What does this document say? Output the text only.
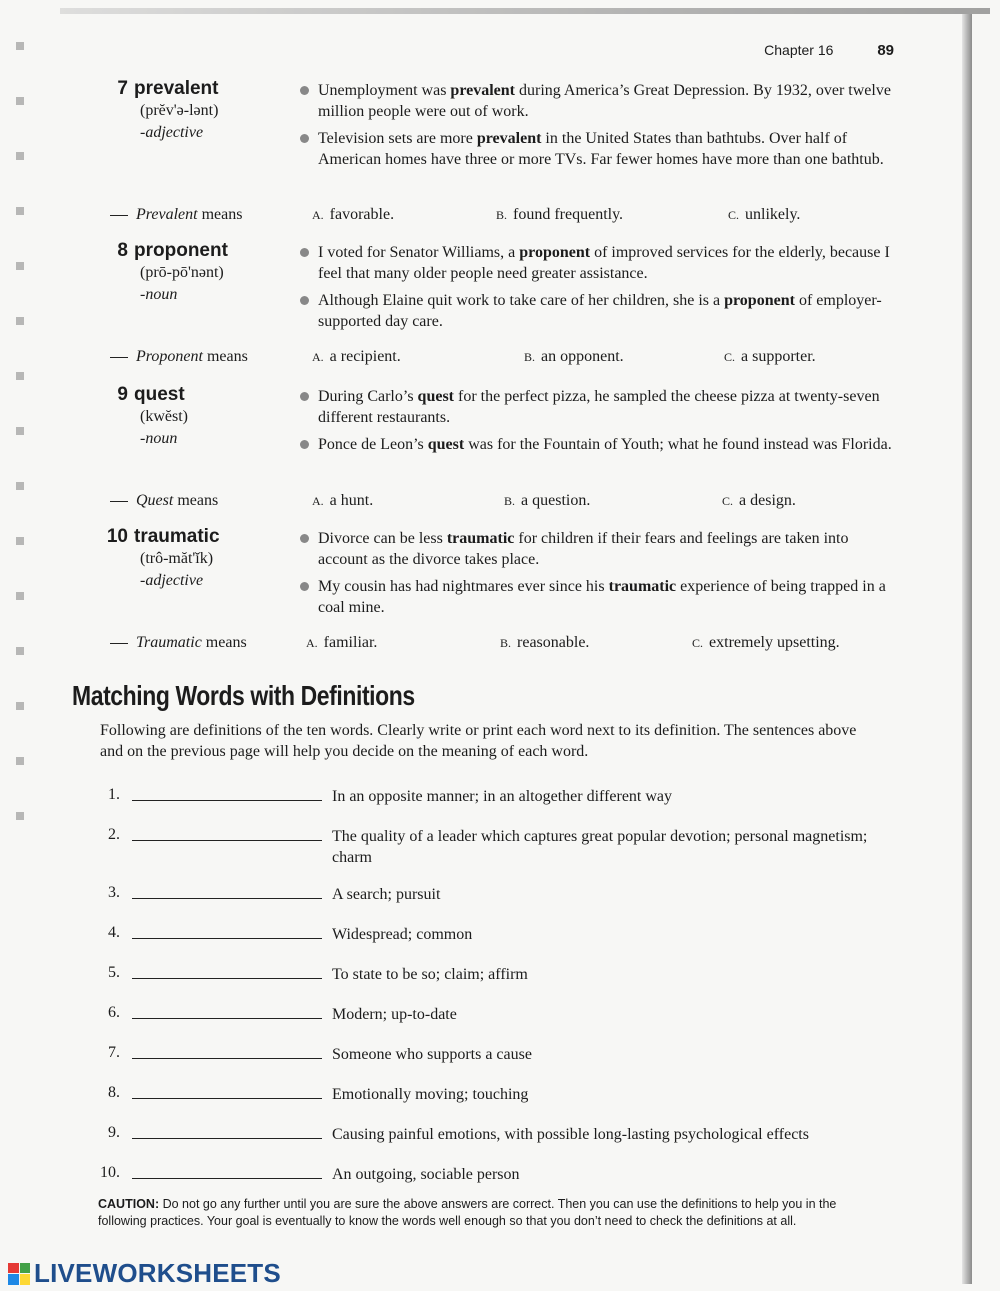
Chapter 16	89
7 prevalent
(prĕv'ə-lənt)
-adjective
Unemployment was prevalent during America’s Great Depression. By 1932, over twelve million people were out of work.
Television sets are more prevalent in the United States than bathtubs. Over half of American homes have three or more TVs. Far fewer homes have more than one bathtub.
Prevalent means	A. favorable.	B. found frequently.	C. unlikely.
8 proponent
(prō-pō'nənt)
-noun
I voted for Senator Williams, a proponent of improved services for the elderly, because I feel that many older people need greater assistance.
Although Elaine quit work to take care of her children, she is a proponent of employer-supported day care.
Proponent means	A. a recipient.	B. an opponent.	C. a supporter.
9 quest
(kwĕst)
-noun
During Carlo’s quest for the perfect pizza, he sampled the cheese pizza at twenty-seven different restaurants.
Ponce de Leon’s quest was for the Fountain of Youth; what he found instead was Florida.
Quest means	A. a hunt.	B. a question.	C. a design.
10 traumatic
(trô-măt'ĭk)
-adjective
Divorce can be less traumatic for children if their fears and feelings are taken into account as the divorce takes place.
My cousin has had nightmares ever since his traumatic experience of being trapped in a coal mine.
Traumatic means	A. familiar.	B. reasonable.	C. extremely upsetting.
Matching Words with Definitions
Following are definitions of the ten words. Clearly write or print each word next to its definition. The sentences above and on the previous page will help you decide on the meaning of each word.
1.	In an opposite manner; in an altogether different way
2.	The quality of a leader which captures great popular devotion; personal magnetism; charm
3.	A search; pursuit
4.	Widespread; common
5.	To state to be so; claim; affirm
6.	Modern; up-to-date
7.	Someone who supports a cause
8.	Emotionally moving; touching
9.	Causing painful emotions, with possible long-lasting psychological effects
10.	An outgoing, sociable person
CAUTION: Do not go any further until you are sure the above answers are correct. Then you can use the definitions to help you in the following practices. Your goal is eventually to know the words well enough so that you don’t need to check the definitions at all.
LIVEWORKSHEETS
